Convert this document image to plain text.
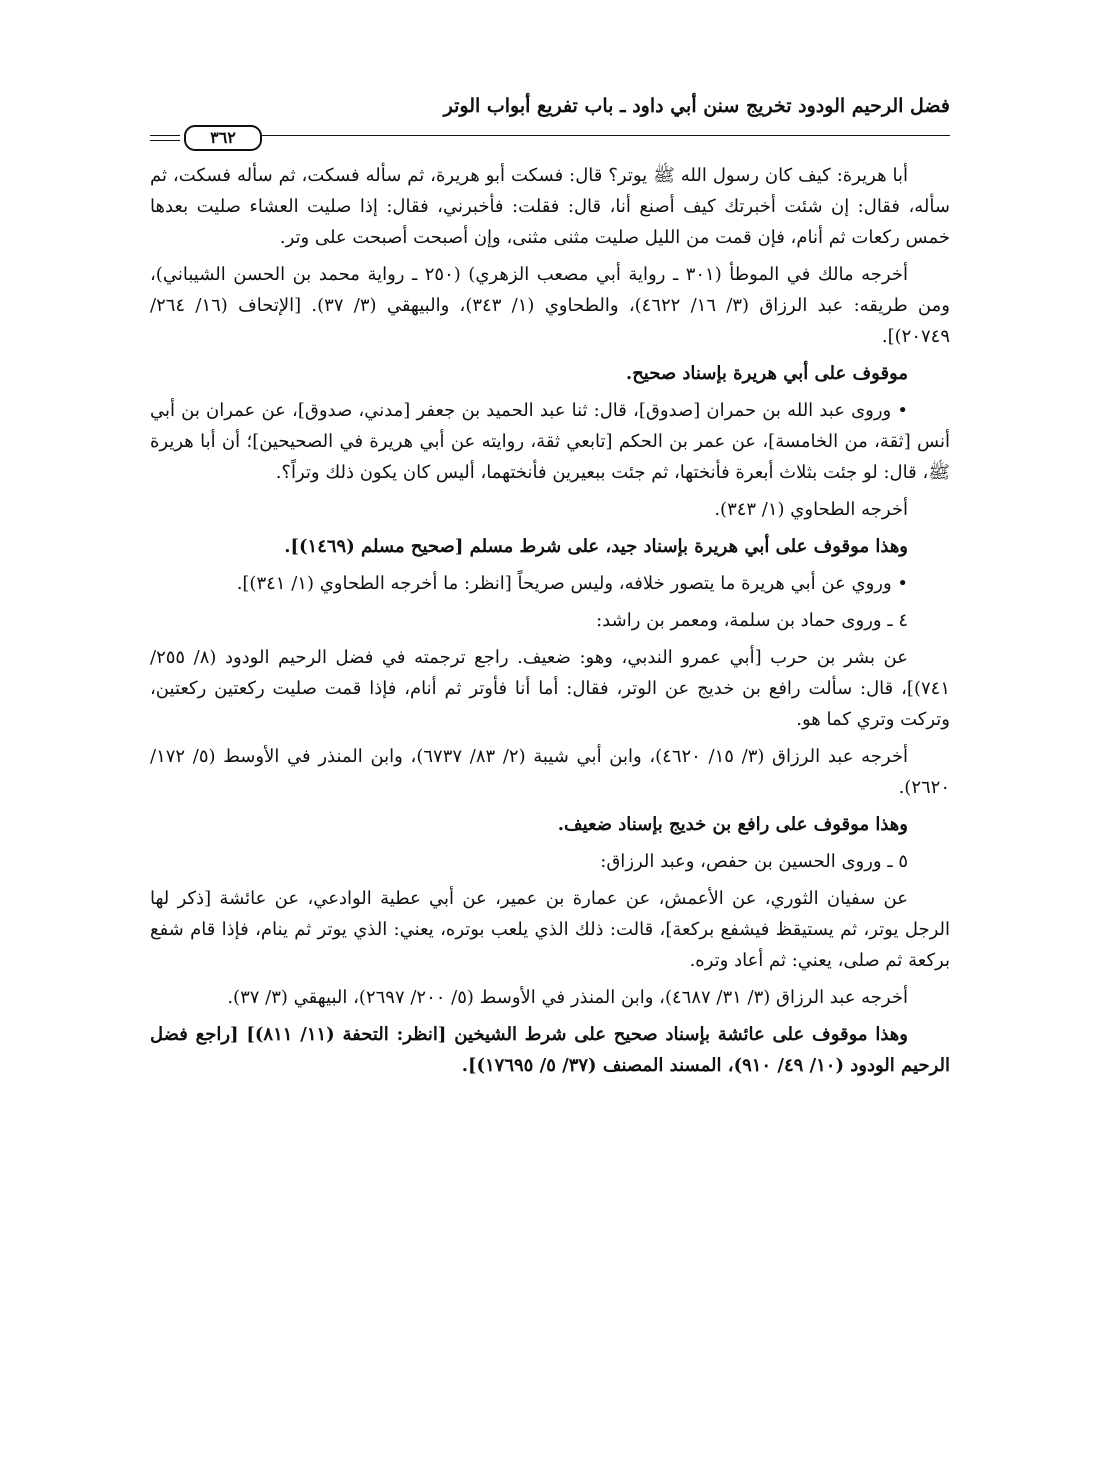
فضل الرحيم الودود تخريج سنن أبي داود ـ باب تفريع أبواب الوتر
٣٦٢

أبا هريرة: كيف كان رسول الله ﷺ يوتر؟ قال: فسكت أبو هريرة، ثم سأله فسكت، ثم سأله فسكت، ثم سأله، فقال: إن شئت أخبرتك كيف أصنع أنا، قال: فقلت: فأخبرني، فقال: إذا صليت العشاء صليت بعدها خمس ركعات ثم أنام، فإن قمت من الليل صليت مثنى مثنى، وإن أصبحت أصبحت على وتر.

أخرجه مالك في الموطأ (٣٠١ ـ رواية أبي مصعب الزهري) (٢٥٠ ـ رواية محمد بن الحسن الشيباني)، ومن طريقه: عبد الرزاق (٣/ ١٦/ ٤٦٢٢)، والطحاوي (١/ ٣٤٣)، والبيهقي (٣/ ٣٧). [الإتحاف (١٦/ ٢٦٤/ ٢٠٧٤٩)].

موقوف على أبي هريرة بإسناد صحيح.

• وروى عبد الله بن حمران [صدوق]، قال: ثنا عبد الحميد بن جعفر [مدني، صدوق]، عن عمران بن أبي أنس [ثقة، من الخامسة]، عن عمر بن الحكم [تابعي ثقة، روايته عن أبي هريرة في الصحيحين]؛ أن أبا هريرة ﷺ، قال: لو جئت بثلاث أبعرة فأنختها، ثم جئت ببعيرين فأنختهما، أليس كان يكون ذلك وتراً؟.

أخرجه الطحاوي (١/ ٣٤٣).

وهذا موقوف على أبي هريرة بإسناد جيد، على شرط مسلم [صحيح مسلم (١٤٦٩)].

• وروي عن أبي هريرة ما يتصور خلافه، وليس صريحاً [انظر: ما أخرجه الطحاوي (١/ ٣٤١)].

٤ ـ وروى حماد بن سلمة، ومعمر بن راشد:

عن بشر بن حرب [أبي عمرو الندبي، وهو: ضعيف. راجع ترجمته في فضل الرحيم الودود (٨/ ٢٥٥/ ٧٤١)]، قال: سألت رافع بن خديج عن الوتر، فقال: أما أنا فأوتر ثم أنام، فإذا قمت صليت ركعتين ركعتين، وتركت وتري كما هو.

أخرجه عبد الرزاق (٣/ ١٥/ ٤٦٢٠)، وابن أبي شيبة (٢/ ٨٣/ ٦٧٣٧)، وابن المنذر في الأوسط (٥/ ١٧٢/ ٢٦٢٠).

وهذا موقوف على رافع بن خديج بإسناد ضعيف.

٥ ـ وروى الحسين بن حفص، وعبد الرزاق:

عن سفيان الثوري، عن الأعمش، عن عمارة بن عمير، عن أبي عطية الوادعي، عن عائشة [ذكر لها الرجل يوتر، ثم يستيقظ فيشفع بركعة]، قالت: ذلك الذي يلعب بوتره، يعني: الذي يوتر ثم ينام، فإذا قام شفع بركعة ثم صلى، يعني: ثم أعاد وتره.

أخرجه عبد الرزاق (٣/ ٣١/ ٤٦٨٧)، وابن المنذر في الأوسط (٥/ ٢٠٠/ ٢٦٩٧)، البيهقي (٣/ ٣٧).

وهذا موقوف على عائشة بإسناد صحيح على شرط الشيخين [انظر: التحفة (١١/ ٨١١)] [راجع فضل الرحيم الودود (١٠/ ٤٩/ ٩١٠)، المسند المصنف (٣٧/ ٥/ ١٧٦٩٥)].
